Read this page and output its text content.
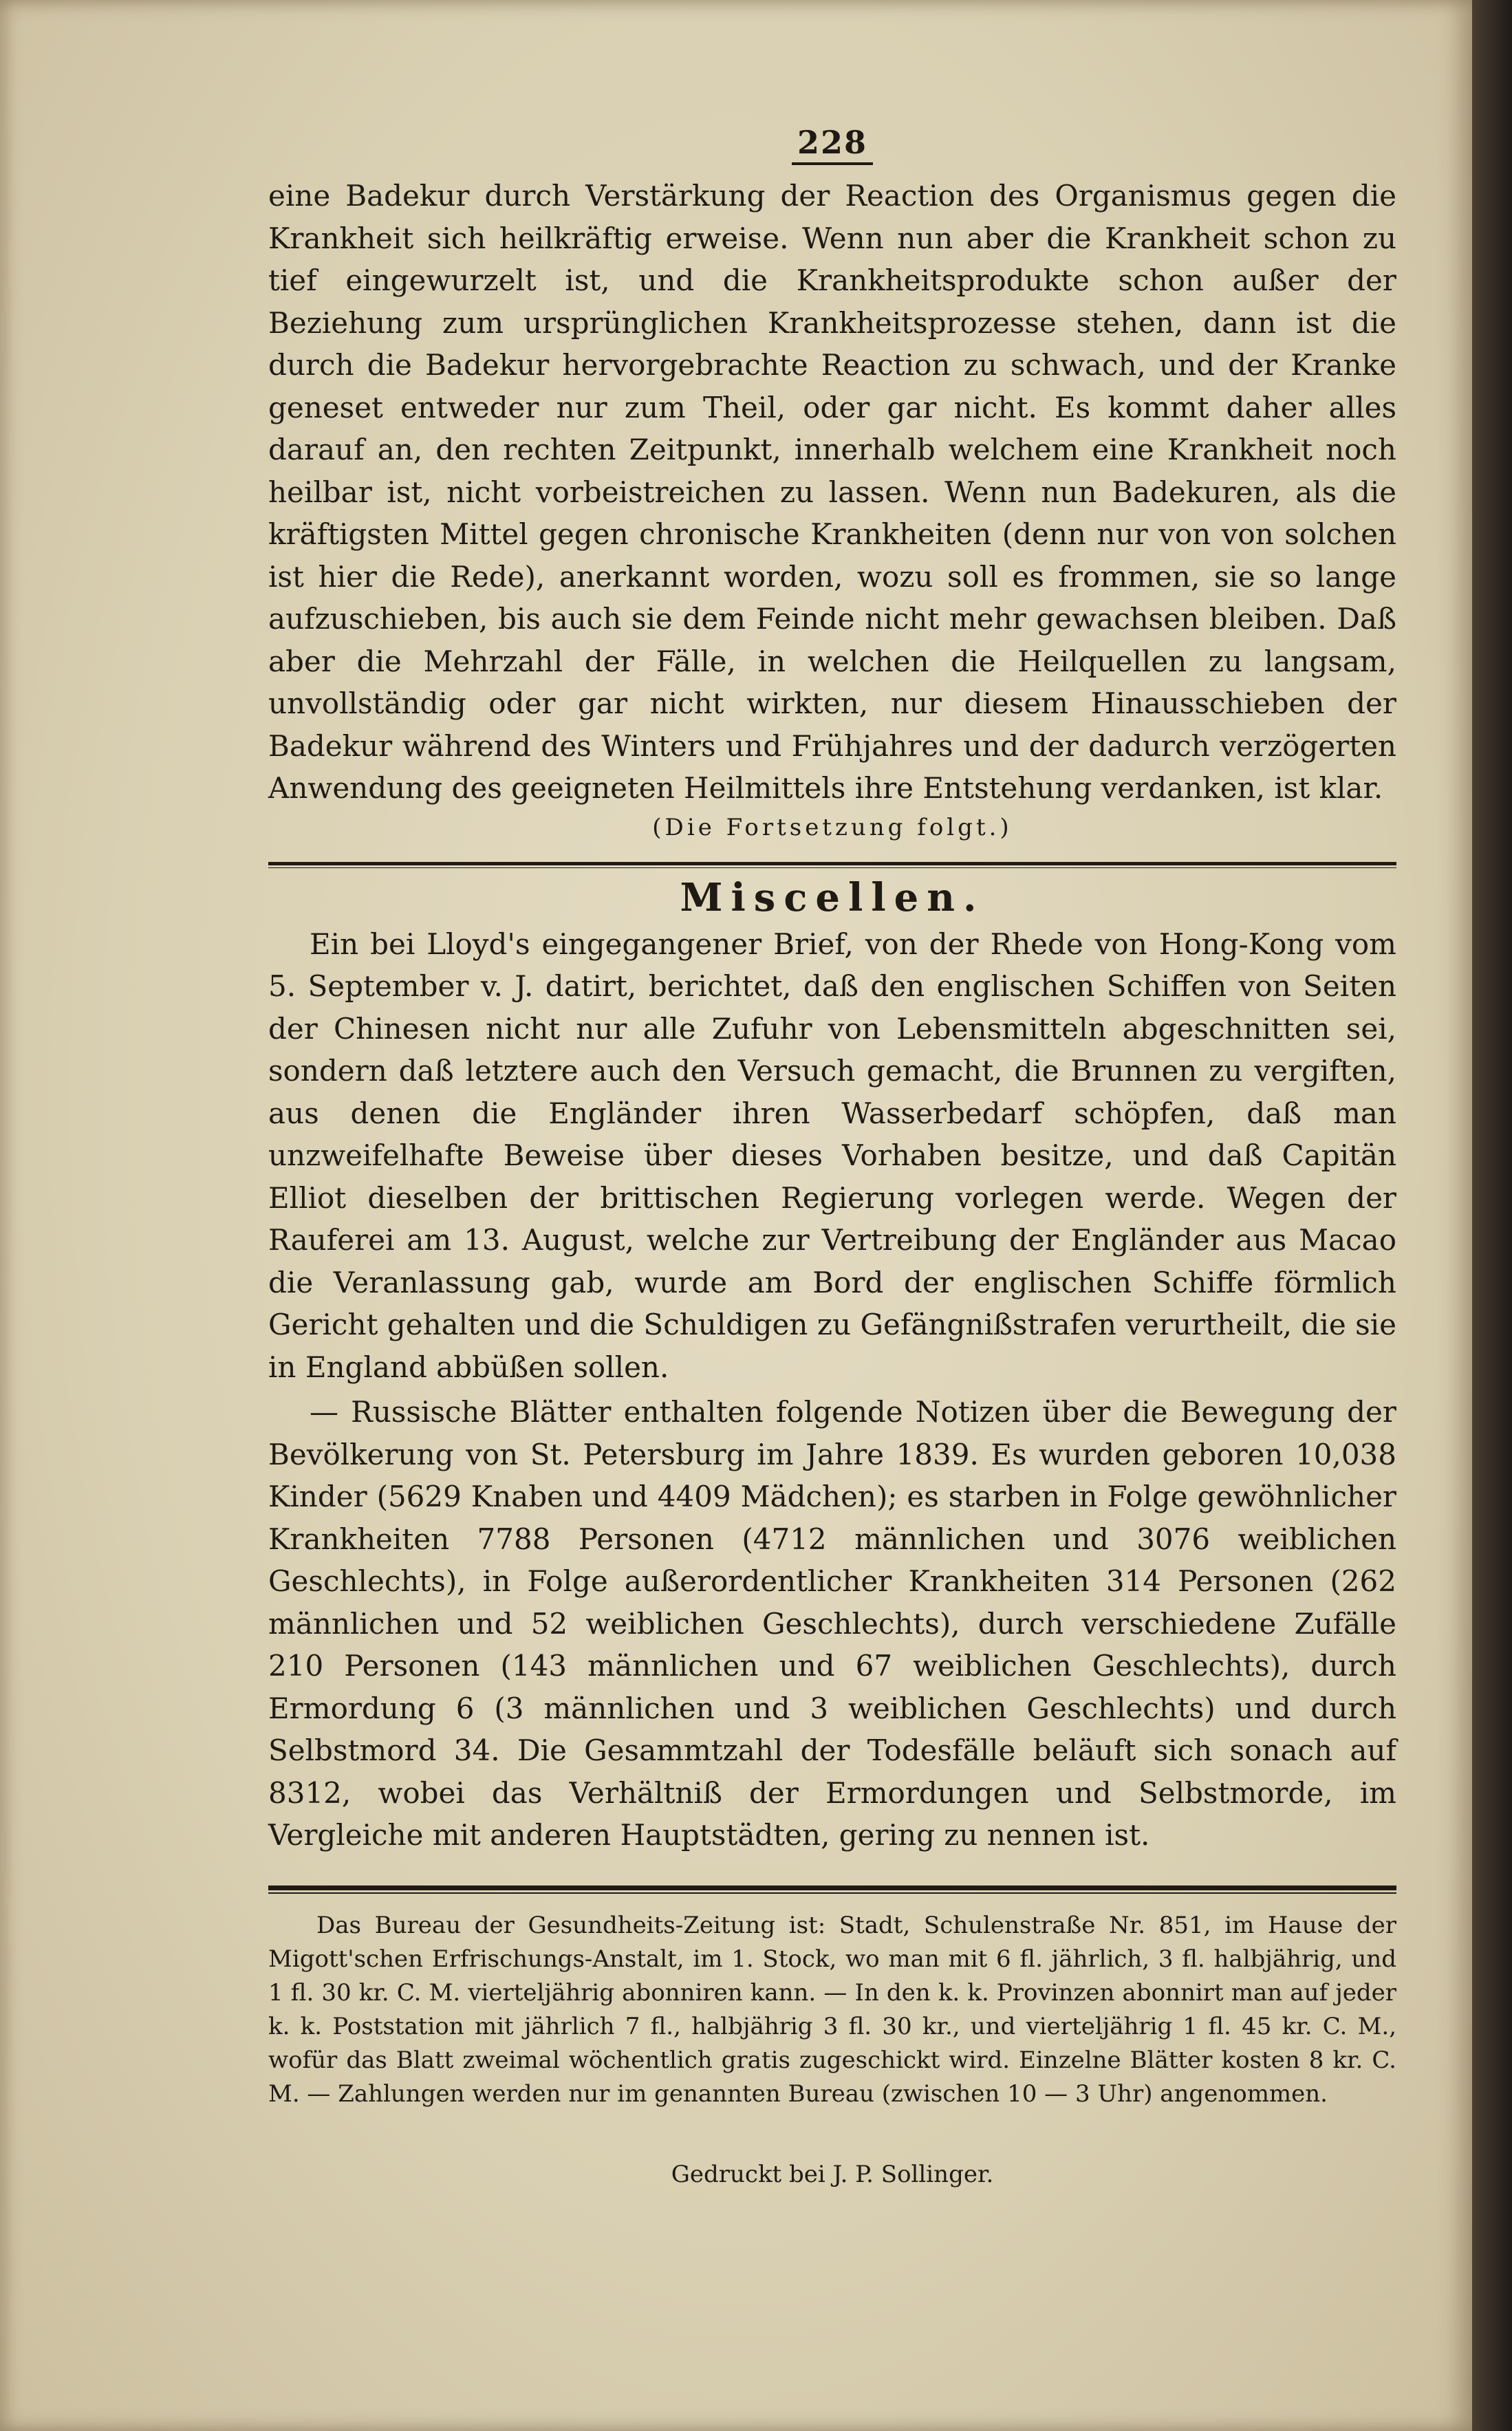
228

eine Badekur durch Verstärkung der Reaction des Organismus gegen die Krankheit sich heilkräftig erweise. Wenn nun aber die Krankheit schon zu tief eingewurzelt ist, und die Krankheitsprodukte schon außer der Beziehung zum ursprünglichen Krankheitsprozesse stehen, dann ist die durch die Badekur hervorgebrachte Reaction zu schwach, und der Kranke geneset entweder nur zum Theil, oder gar nicht. Es kommt daher alles darauf an, den rechten Zeitpunkt, innerhalb welchem eine Krankheit noch heilbar ist, nicht vorbeistreichen zu lassen. Wenn nun Badekuren, als die kräftigsten Mittel gegen chronische Krankheiten (denn nur von von solchen ist hier die Rede), anerkannt worden, wozu soll es frommen, sie so lange aufzuschieben, bis auch sie dem Feinde nicht mehr gewachsen bleiben. Daß aber die Mehrzahl der Fälle, in welchen die Heilquellen zu langsam, unvollständig oder gar nicht wirkten, nur diesem Hinausschieben der Badekur während des Winters und Frühjahres und der dadurch verzögerten Anwendung des geeigneten Heilmittels ihre Entstehung verdanken, ist klar.

(Die Fortsetzung folgt.)
Miscellen.

Ein bei Lloyd's eingegangener Brief, von der Rhede von Hong-Kong vom 5. September v. J. datirt, berichtet, daß den englischen Schiffen von Seiten der Chinesen nicht nur alle Zufuhr von Lebensmitteln abgeschnitten sei, sondern daß letztere auch den Versuch gemacht, die Brunnen zu vergiften, aus denen die Engländer ihren Wasserbedarf schöpfen, daß man unzweifelhafte Beweise über dieses Vorhaben besitze, und daß Capitän Elliot dieselben der brittischen Regierung vorlegen werde. Wegen der Rauferei am 13. August, welche zur Vertreibung der Engländer aus Macao die Veranlassung gab, wurde am Bord der englischen Schiffe förmlich Gericht gehalten und die Schuldigen zu Gefängnißstrafen verurtheilt, die sie in England abbüßen sollen.

— Russische Blätter enthalten folgende Notizen über die Bewegung der Bevölkerung von St. Petersburg im Jahre 1839. Es wurden geboren 10,038 Kinder (5629 Knaben und 4409 Mädchen); es starben in Folge gewöhnlicher Krankheiten 7788 Personen (4712 männlichen und 3076 weiblichen Geschlechts), in Folge außerordentlicher Krankheiten 314 Personen (262 männlichen und 52 weiblichen Geschlechts), durch verschiedene Zufälle 210 Personen (143 männlichen und 67 weiblichen Geschlechts), durch Ermordung 6 (3 männlichen und 3 weiblichen Geschlechts) und durch Selbstmord 34. Die Gesammtzahl der Todesfälle beläuft sich sonach auf 8312, wobei das Verhältniß der Ermordungen und Selbstmorde, im Vergleiche mit anderen Hauptstädten, gering zu nennen ist.

Das Bureau der Gesundheits-Zeitung ist: Stadt, Schulenstraße Nr. 851, im Hause der Migott'schen Erfrischungs-Anstalt, im 1. Stock, wo man mit 6 fl. jährlich, 3 fl. halbjährig, und 1 fl. 30 kr. C. M. vierteljährig abonniren kann. — In den k. k. Provinzen abonnirt man auf jeder k. k. Poststation mit jährlich 7 fl., halbjährig 3 fl. 30 kr., und vierteljährig 1 fl. 45 kr. C. M., wofür das Blatt zweimal wöchentlich gratis zugeschickt wird. Einzelne Blätter kosten 8 kr. C. M. — Zahlungen werden nur im genannten Bureau (zwischen 10 — 3 Uhr) angenommen.

Gedruckt bei J. P. Sollinger.
